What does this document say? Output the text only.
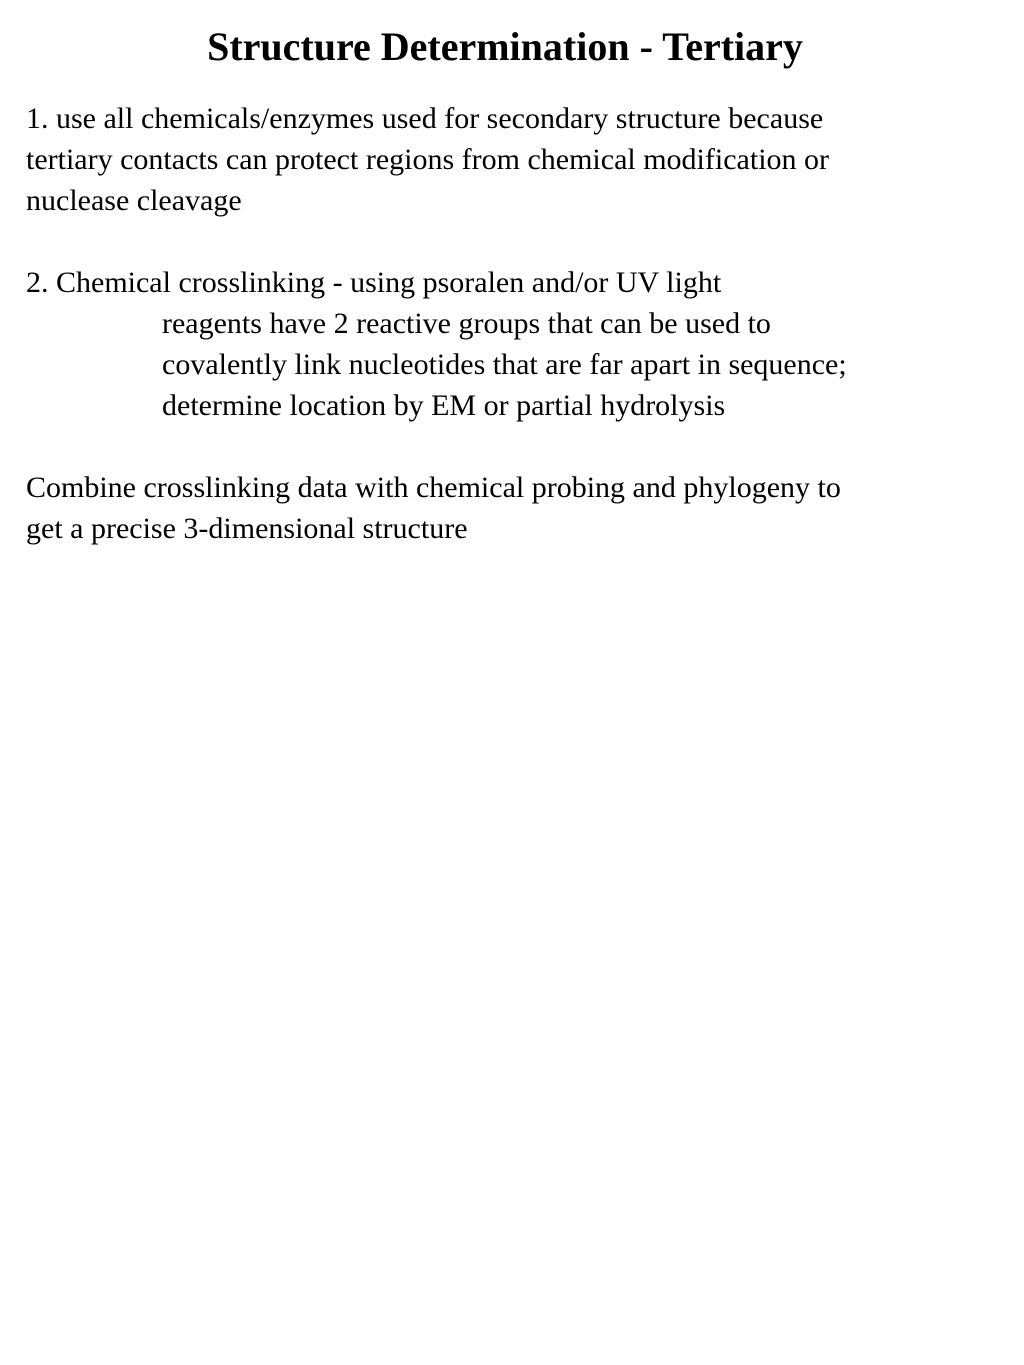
Structure Determination - Tertiary

1. use all chemicals/enzymes used for secondary structure because

tertiary contacts can protect regions from chemical modification or

nuclease cleavage

2. Chemical crosslinking - using psoralen and/or UV light

reagents have 2 reactive groups that can be used to

covalently link nucleotides that are far apart in sequence;

determine location by EM or partial hydrolysis

Combine crosslinking data with chemical probing and phylogeny to

get a precise 3-dimensional structure
